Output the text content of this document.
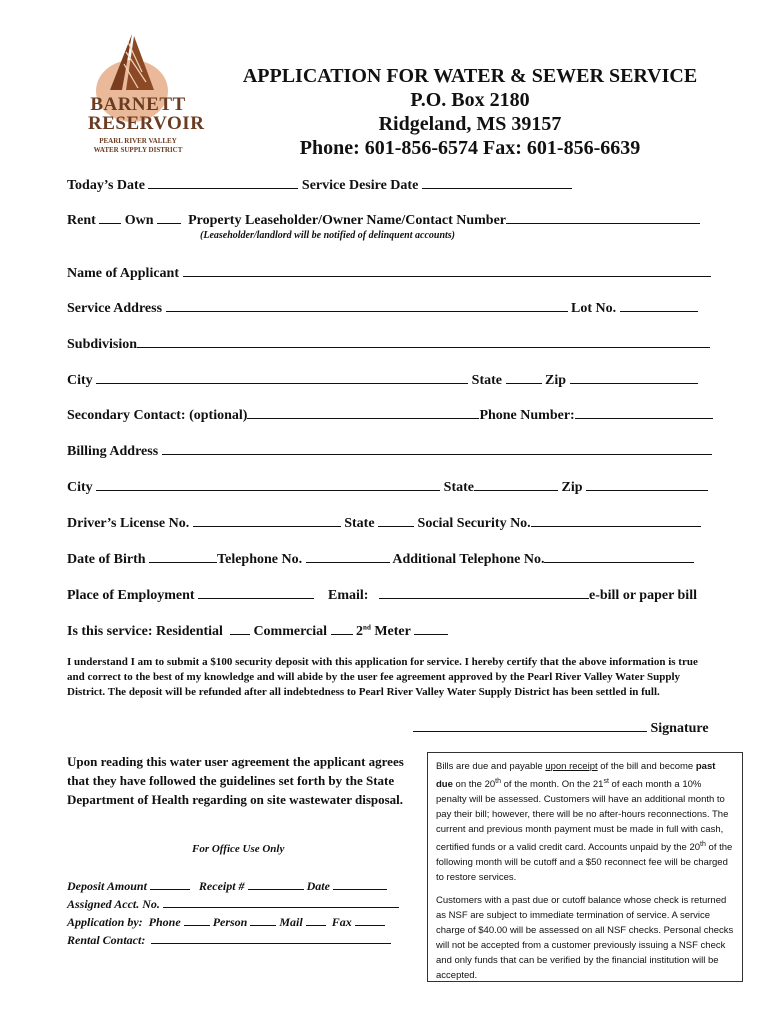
BARNETT
RESERVOIR
PEARL RIVER VALLEY
WATER SUPPLY DISTRICT
APPLICATION FOR WATER & SEWER SERVICE
P.O. Box 2180
Ridgeland, MS 39157
Phone: 601-856-6574 Fax: 601-856-6639
Today’s Date	Service Desire Date
Rent Own Property Leaseholder/Owner Name/Contact Number
(Leaseholder/landlord will be notified of delinquent accounts)
Name of Applicant
Service Address	Lot No.
Subdivision
City	State	Zip
Secondary Contact: (optional)	Phone Number:
Billing Address
City	State	Zip
Driver’s License No.	State	Social Security No.
Date of Birth	Telephone No.	Additional Telephone No.
Place of Employment	Email:	e-bill or paper bill
Is this service: Residential Commercial 2nd Meter
I understand I am to submit a $100 security deposit with this application for service. I hereby certify that the above information is true and correct to the best of my knowledge and will abide by the user fee agreement approved by the Pearl River Valley Water Supply District. The deposit will be refunded after all indebtedness to Pearl River Valley Water Supply District has been settled in full.
Signature
Upon reading this water user agreement the applicant agrees that they have followed the guidelines set forth by the State Department of Health regarding on site wastewater disposal.
For Office Use Only
Deposit Amount	Receipt #	Date
Assigned Acct. No.
Application by: Phone	Person	Mail Fax
Rental Contact:

Bills are due and payable upon receipt of the bill and become past due on the 20th of the month. On the 21st of each month a 10% penalty will be assessed. Customers will have an additional month to pay their bill; however, there will be no after-hours reconnections. The current and previous month payment must be made in full with cash, certified funds or a valid credit card. Accounts unpaid by the 20th of the following month will be cutoff and a $50 reconnect fee will be charged to restore services.

Customers with a past due or cutoff balance whose check is returned as NSF are subject to immediate termination of service. A service charge of $40.00 will be assessed on all NSF checks. Personal checks will not be accepted from a customer previously issuing a NSF check and only funds that can be verified by the financial institution will be accepted.
